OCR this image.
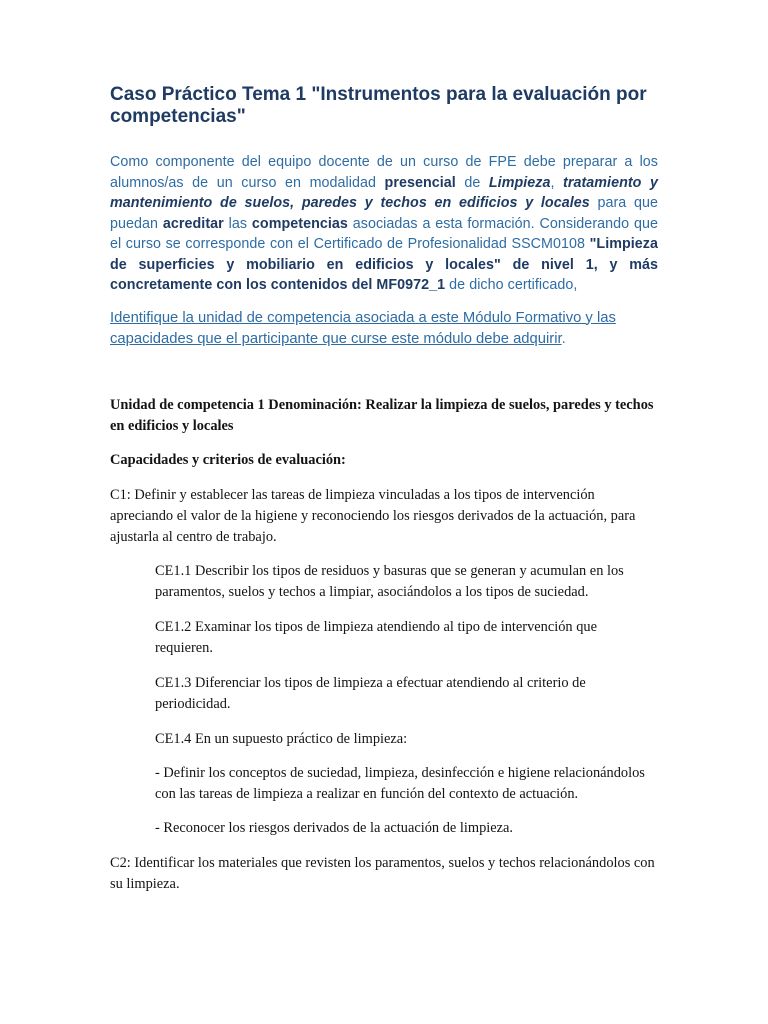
Caso Práctico Tema 1 "Instrumentos para la evaluación por competencias"

Como componente del equipo docente de un curso de FPE debe preparar a los alumnos/as de un curso en modalidad presencial de Limpieza, tratamiento y mantenimiento de suelos, paredes y techos en edificios y locales para que puedan acreditar las competencias asociadas a esta formación. Considerando que el curso se corresponde con el Certificado de Profesionalidad SSCM0108 "Limpieza de superficies y mobiliario en edificios y locales" de nivel 1, y más concretamente con los contenidos del MF0972_1 de dicho certificado,

Identifique la unidad de competencia asociada a este Módulo Formativo y las capacidades que el participante que curse este módulo debe adquirir.

Unidad de competencia 1 Denominación: Realizar la limpieza de suelos, paredes y techos en edificios y locales

Capacidades y criterios de evaluación:

C1: Definir y establecer las tareas de limpieza vinculadas a los tipos de intervención apreciando el valor de la higiene y reconociendo los riesgos derivados de la actuación, para ajustarla al centro de trabajo.

CE1.1 Describir los tipos de residuos y basuras que se generan y acumulan en los paramentos, suelos y techos a limpiar, asociándolos a los tipos de suciedad.

CE1.2 Examinar los tipos de limpieza atendiendo al tipo de intervención que requieren.

CE1.3 Diferenciar los tipos de limpieza a efectuar atendiendo al criterio de periodicidad.

CE1.4 En un supuesto práctico de limpieza:

- Definir los conceptos de suciedad, limpieza, desinfección e higiene relacionándolos con las tareas de limpieza a realizar en función del contexto de actuación.

- Reconocer los riesgos derivados de la actuación de limpieza.

C2: Identificar los materiales que revisten los paramentos, suelos y techos relacionándolos con su limpieza.
